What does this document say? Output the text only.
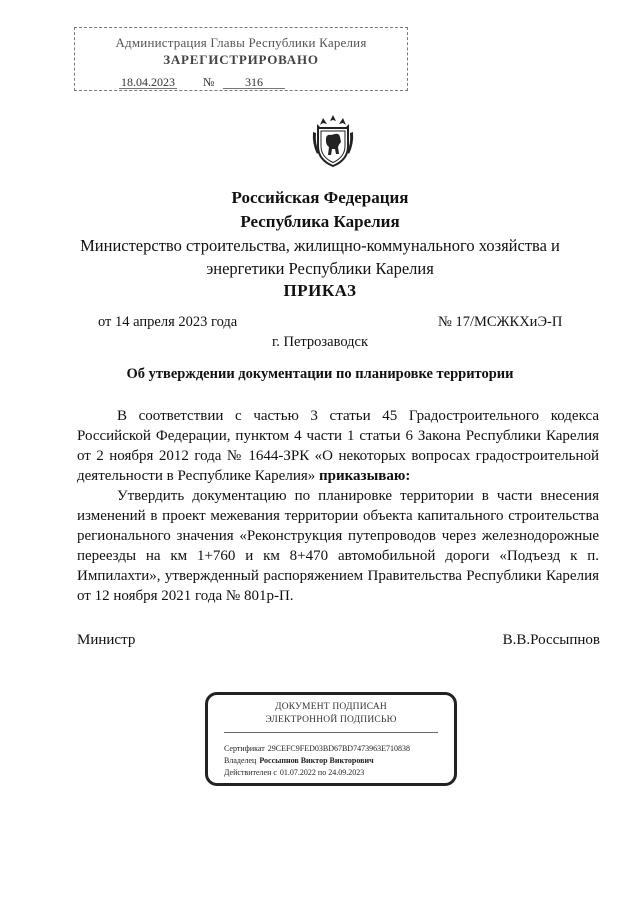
Администрация Главы Республики Карелия
ЗАРЕГИСТРИРОВАНО
18.04.2023 №	316
Российская Федерация
Республика Карелия
Министерство строительства, жилищно-коммунального хозяйства и
энергетики Республики Карелия
ПРИКАЗ
от 14 апреля 2023 года	№ 17/МСЖКХиЭ-П
г. Петрозаводск
Об утверждении документации по планировке территории

В соответствии с частью 3 статьи 45 Градостроительного кодекса Российской Федерации, пунктом 4 части 1 статьи 6 Закона Республики Карелия от 2 ноября 2012 года № 1644-ЗРК «О некоторых вопросах градостроительной деятельности в Республике Карелия» приказываю:

Утвердить документацию по планировке территории в части внесения изменений в проект межевания территории объекта капитального строительства регионального значения «Реконструкция путепроводов через железнодорожные переезды на км 1+760 и км 8+470 автомобильной дороги «Подъезд к п. Импилахти», утвержденный распоряжением Правительства Республики Карелия от 12 ноября 2021 года № 801р-П.

Министр	В.В.Россыпнов
ДОКУМЕНТ ПОДПИСАН
ЭЛЕКТРОННОЙ ПОДПИСЬЮ
Сертификат 29CEFC9FED03BD67BD7473963E710838
Владелец Россыпнов Виктор Викторович
Действителен с 01.07.2022 по 24.09.2023
